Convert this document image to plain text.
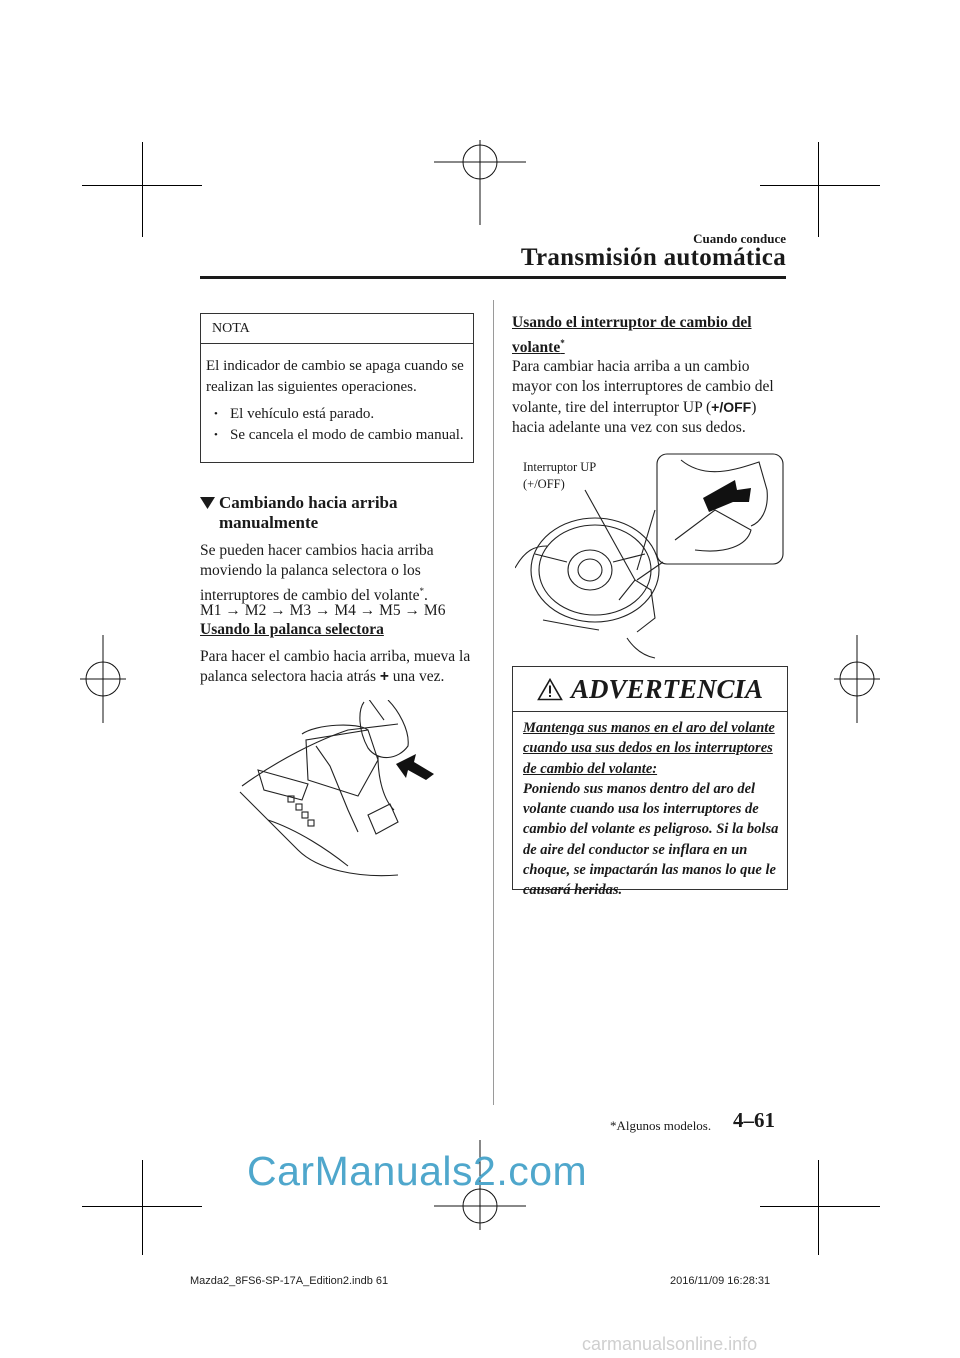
Cuando conduce
Transmisión automática
NOTA
El indicador de cambio se apaga cuando se realizan las siguientes operaciones.
• El vehículo está parado.
• Se cancela el modo de cambio manual.
Cambiando hacia arriba
manualmente
Se pueden hacer cambios hacia arriba moviendo la palanca selectora o los interruptores de cambio del volante*.
M1 → M2 → M3 → M4 → M5 → M6
Usando la palanca selectora
Para hacer el cambio hacia arriba, mueva la palanca selectora hacia atrás + una vez.
Usando el interruptor de cambio del
volante*
Para cambiar hacia arriba a un cambio mayor con los interruptores de cambio del volante, tire del interruptor UP (+/OFF) hacia adelante una vez con sus dedos.
Interruptor UP
(+/OFF)
ADVERTENCIA
Mantenga sus manos en el aro del volante cuando usa sus dedos en los interruptores de cambio del volante:
Poniendo sus manos dentro del aro del volante cuando usa los interruptores de cambio del volante es peligroso. Si la bolsa de aire del conductor se inflara en un choque, se impactarán las manos lo que le causará heridas.
*Algunos modelos. 4–61
CarManuals2.com
Mazda2_8FS6-SP-17A_Edition2.indb 61	2016/11/09 16:28:31
carmanualsonline.info
